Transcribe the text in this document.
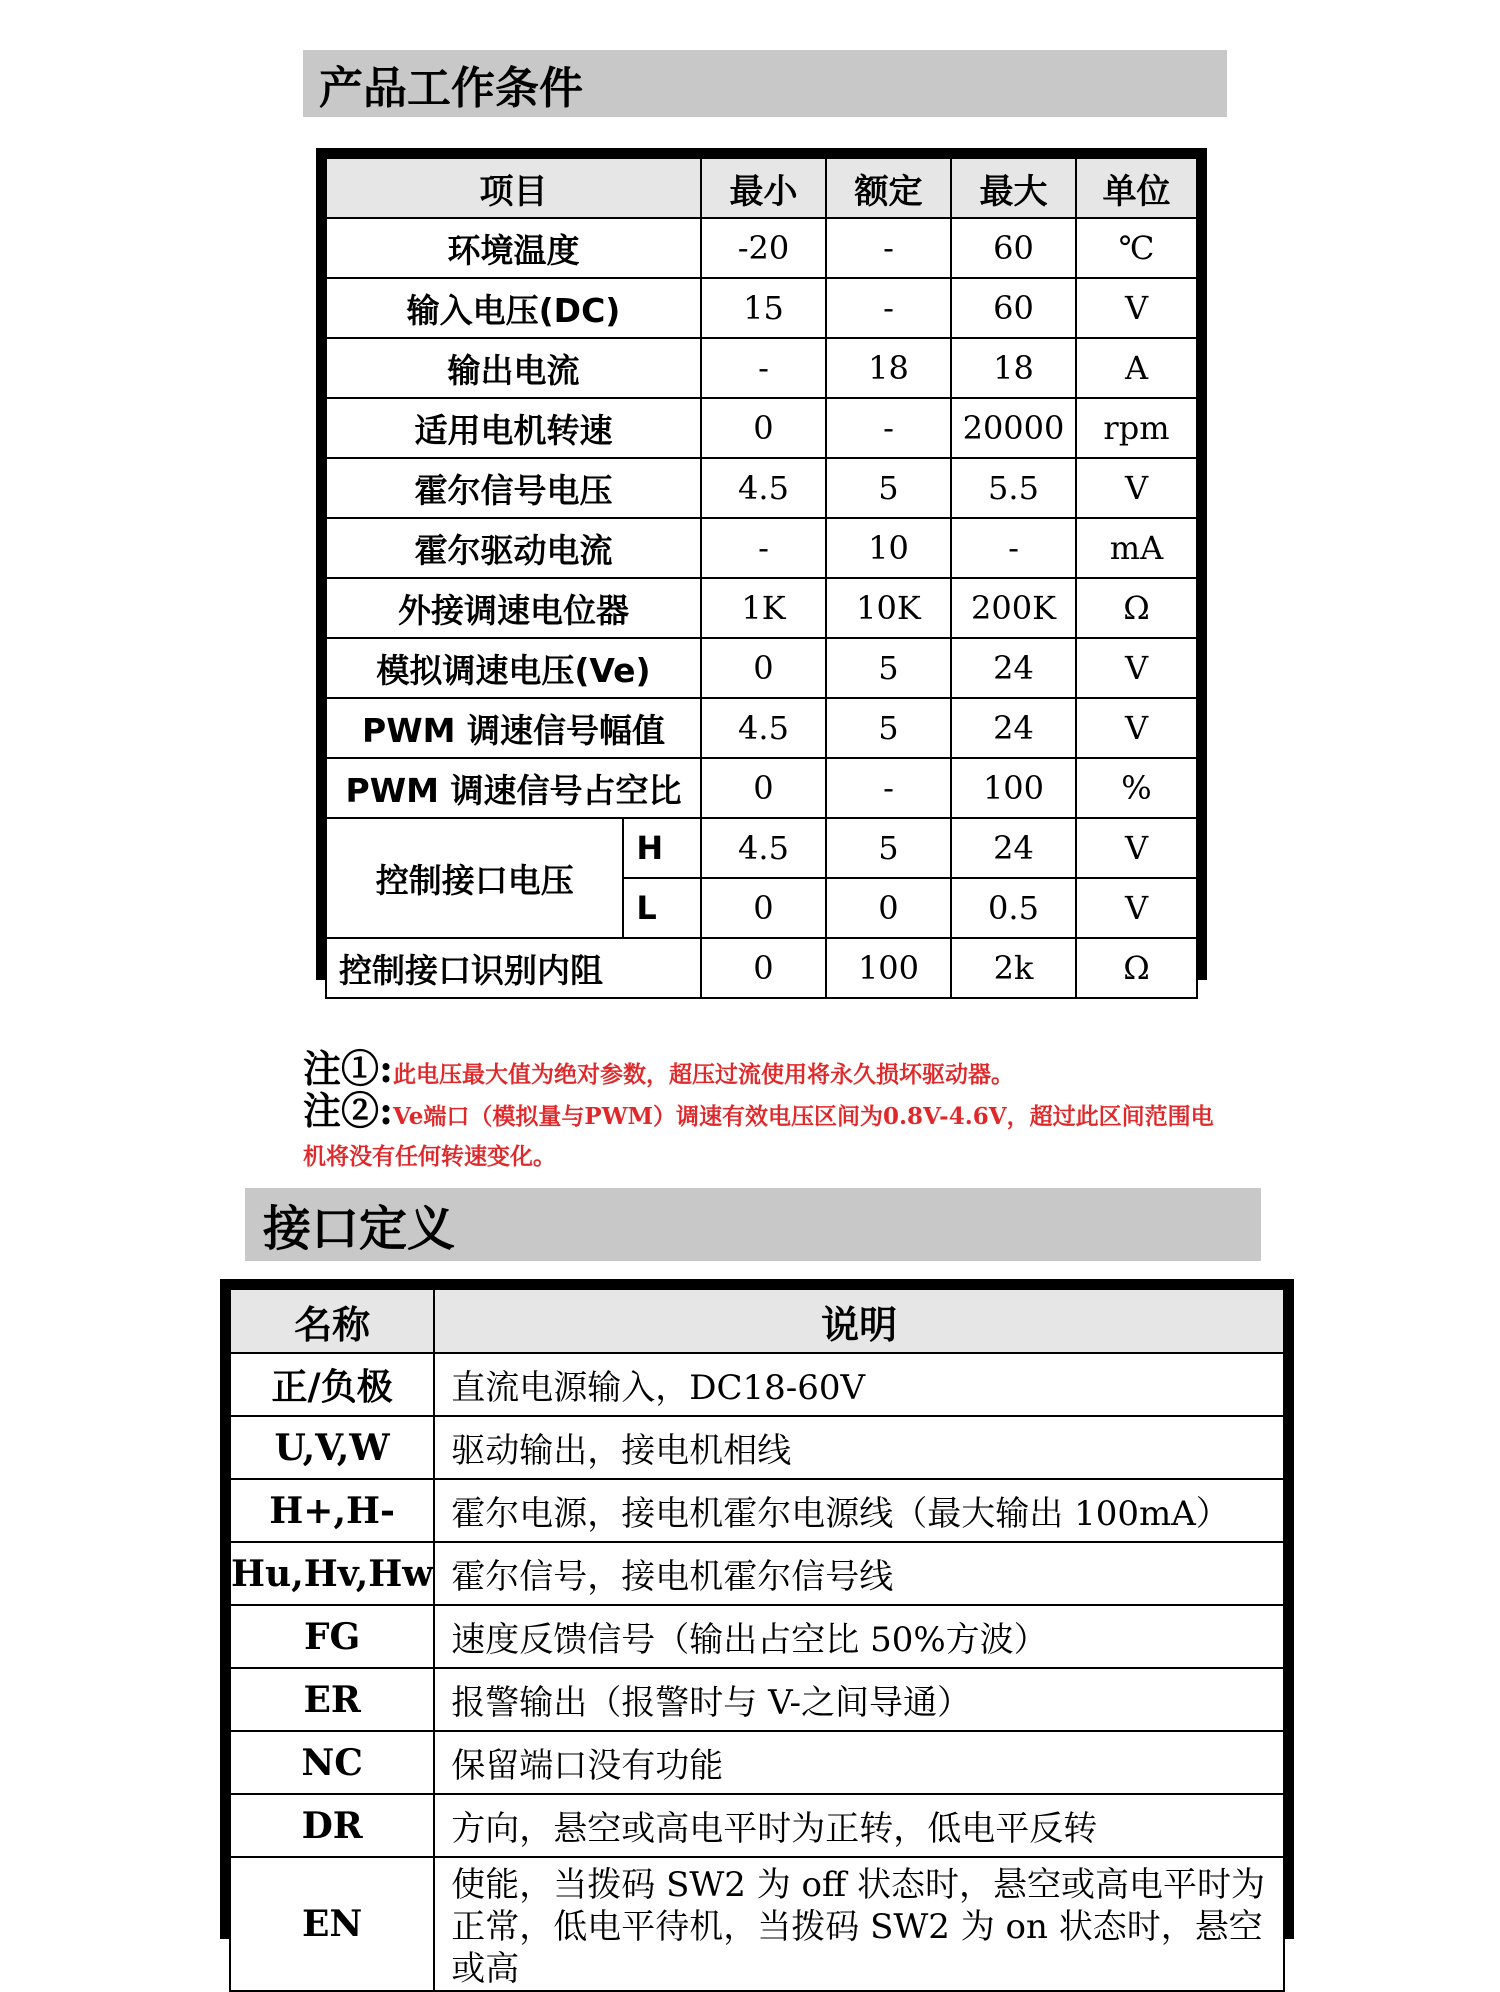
产品工作条件
项目		最小	额定	最大	单位
环境温度		-20	-	60	℃
输入电压(DC)		15	-	60	V
输出电流		-	18	18	A
适用电机转速		0	-	20000	rpm
霍尔信号电压		4.5	5	5.5	V
霍尔驱动电流		-	10	-	mA
外接调速电位器		1K	10K	200K	Ω
模拟调速电压(Ve)		0	5	24	V
PWM 调速信号幅值		4.5	5	24	V
PWM 调速信号占空比		0	-	100	%
控制接口电压	H	4.5	5	24	V
	L	0	0	0.5	V
控制接口识别内阻		0	100	2k	Ω
注①:此电压最大值为绝对参数，超压过流使用将永久损坏驱动器。
注②:Ve端口（模拟量与PWM）调速有效电压区间为0.8V-4.6V，超过此区间范围电机将没有任何转速变化。
接口定义
名称	说明
正/负极	直流电源输入，DC18-60V
U,V,W	驱动输出，接电机相线
H+,H-	霍尔电源，接电机霍尔电源线（最大输出 100mA）
Hu,Hv,Hw	霍尔信号，接电机霍尔信号线
FG	速度反馈信号（输出占空比 50%方波）
ER	报警输出（报警时与 V-之间导通）
NC	保留端口没有功能
DR	方向，悬空或高电平时为正转，低电平反转
EN	使能，当拨码 SW2 为 off 状态时，悬空或高电平时为正常，低电平待机，当拨码 SW2 为 on 状态时，悬空或高
